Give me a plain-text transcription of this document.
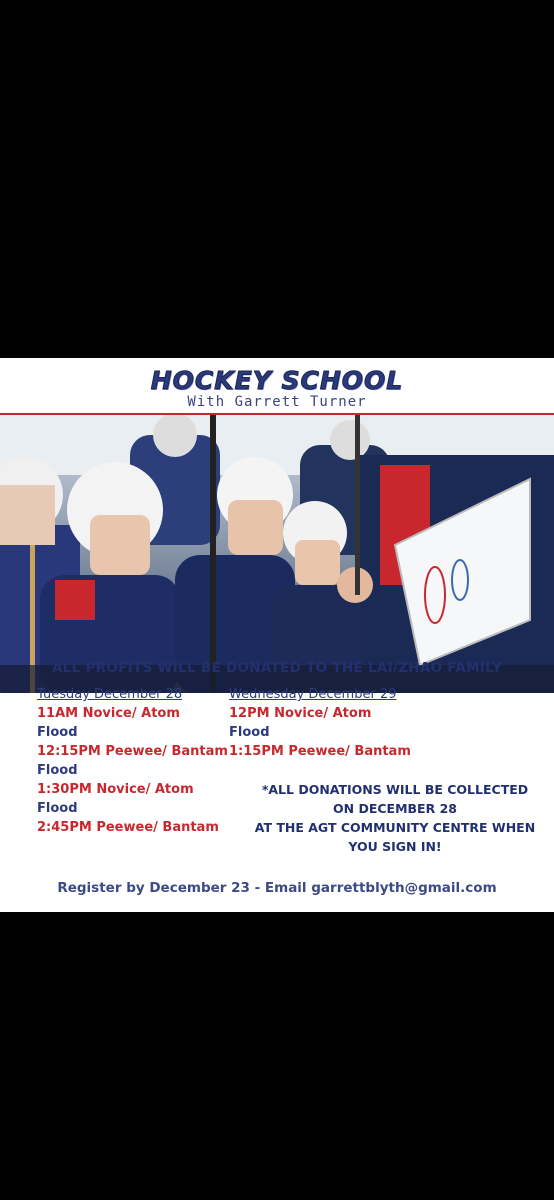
HOCKEY SCHOOL
With Garrett Turner
ALL PROFITS WILL BE DONATED TO THE LAI/ZHAO FAMILY
Tuesday December 28
11AM Novice/ Atom
Flood
12:15PM Peewee/ Bantam
Flood
1:30PM Novice/ Atom
Flood
2:45PM Peewee/ Bantam
Wednesday December 29
12PM Novice/ Atom
Flood
1:15PM Peewee/ Bantam
*ALL DONATIONS WILL BE COLLECTED
ON DECEMBER 28
AT THE AGT COMMUNITY CENTRE WHEN
YOU SIGN IN!
Register by December 23 - Email garrettblyth@gmail.com
